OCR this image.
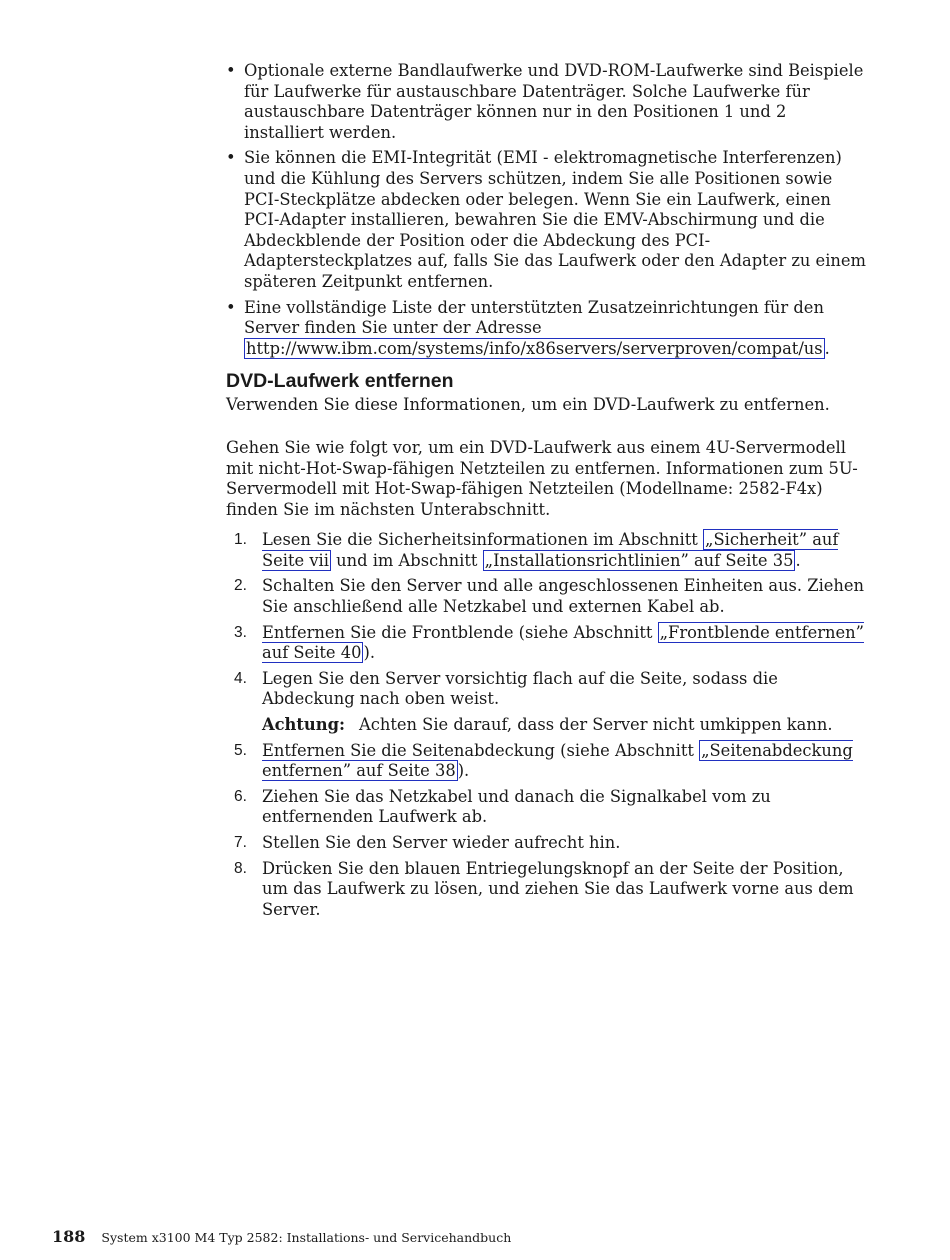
• Optionale externe Bandlaufwerke und DVD-ROM-Laufwerke sind Beispiele für Laufwerke für austauschbare Datenträger. Solche Laufwerke für austauschbare Datenträger können nur in den Positionen 1 und 2 installiert werden.
• Sie können die EMI-Integrität (EMI - elektromagnetische Interferenzen) und die Kühlung des Servers schützen, indem Sie alle Positionen sowie PCI-Steckplätze abdecken oder belegen. Wenn Sie ein Laufwerk, einen PCI-Adapter installieren, bewahren Sie die EMV-Abschirmung und die Abdeckblende der Position oder die Abdeckung des PCI-Adaptersteckplatzes auf, falls Sie das Laufwerk oder den Adapter zu einem späteren Zeitpunkt entfernen.
• Eine vollständige Liste der unterstützten Zusatzeinrichtungen für den Server finden Sie unter der Adresse http://www.ibm.com/systems/info/x86servers/serverproven/compat/us .
DVD-Laufwerk entfernen

Verwenden Sie diese Informationen, um ein DVD-Laufwerk zu entfernen.

Gehen Sie wie folgt vor, um ein DVD-Laufwerk aus einem 4U-Servermodell mit nicht-Hot-Swap-fähigen Netzteilen zu entfernen. Informationen zum 5U-Servermodell mit Hot-Swap-fähigen Netzteilen (Modellname: 2582-F4x) finden Sie im nächsten Unterabschnitt.

1. Lesen Sie die Sicherheitsinformationen im Abschnitt „Sicherheit” auf Seite vii und im Abschnitt „Installationsrichtlinien” auf Seite 35 .
2. Schalten Sie den Server und alle angeschlossenen Einheiten aus. Ziehen Sie anschließend alle Netzkabel und externen Kabel ab.
3. Entfernen Sie die Frontblende (siehe Abschnitt „Frontblende entfernen” auf Seite 40 ).
4. Legen Sie den Server vorsichtig flach auf die Seite, sodass die Abdeckung nach oben weist.

Achtung: Achten Sie darauf, dass der Server nicht umkippen kann.

5. Entfernen Sie die Seitenabdeckung (siehe Abschnitt „Seitenabdeckung entfernen” auf Seite 38 ).
6. Ziehen Sie das Netzkabel und danach die Signalkabel vom zu entfernenden Laufwerk ab.
7. Stellen Sie den Server wieder aufrecht hin.
8. Drücken Sie den blauen Entriegelungsknopf an der Seite der Position, um das Laufwerk zu lösen, und ziehen Sie das Laufwerk vorne aus dem Server.
188 System x3100 M4 Typ 2582: Installations- und Servicehandbuch
